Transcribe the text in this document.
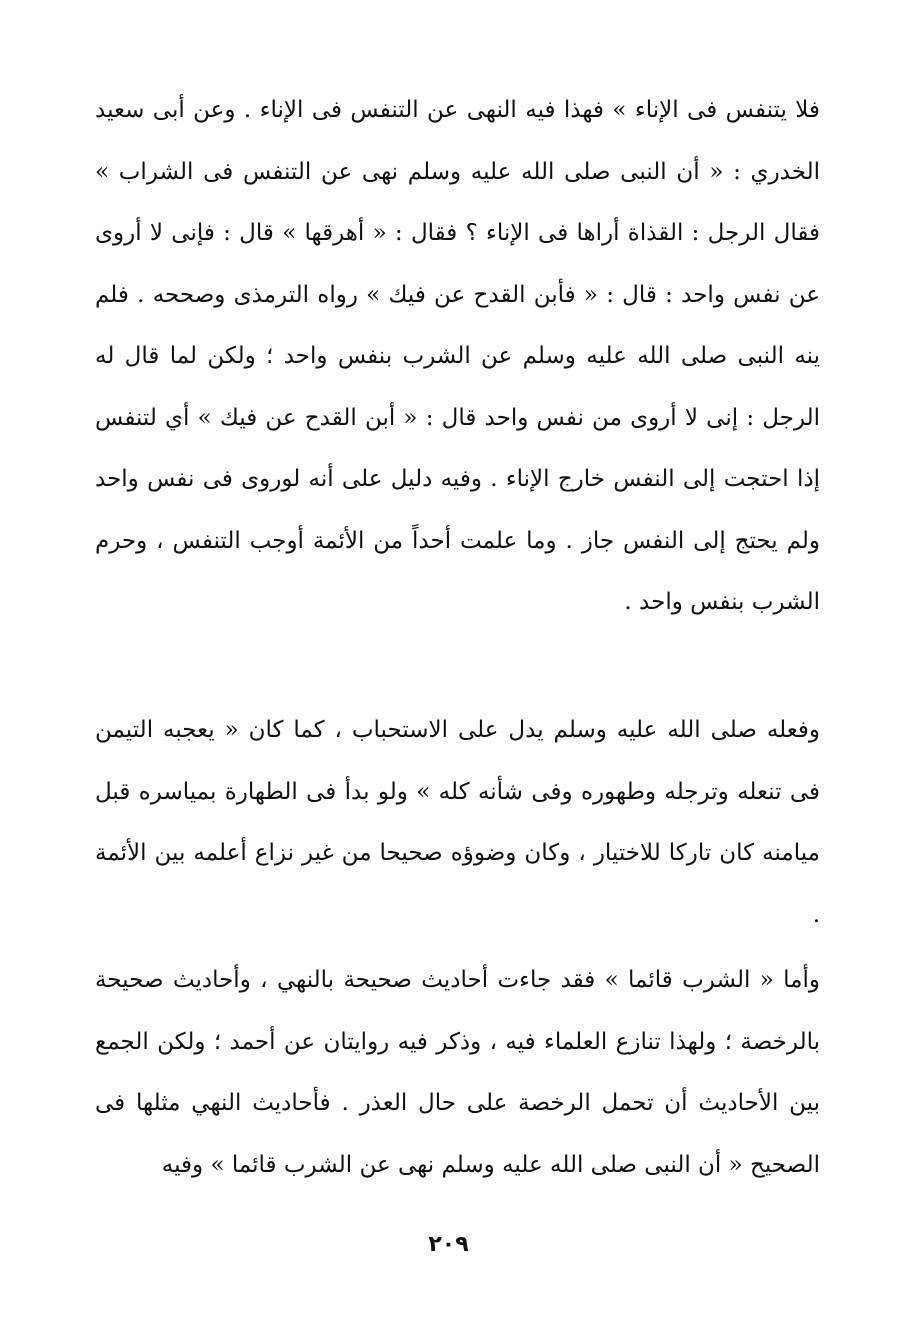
فلا يتنفس فى الإناء » فهذا فيه النهى عن التنفس فى الإناء . وعن أبى سعيد الخدري : « أن النبى صلى الله عليه وسلم نهى عن التنفس فى الشراب » فقال الرجل : القذاة أراها فى الإناء ؟ فقال : « أهرقها » قال : فإنى لا أروى عن نفس واحد : قال : « فأبن القدح عن فيك » رواه الترمذى وصححه . فلم ينه النبى صلى الله عليه وسلم عن الشرب بنفس واحد ؛ ولكن لما قال له الرجل : إنى لا أروى من نفس واحد قال : « أبن القدح عن فيك » أي لتنفس إذا احتجت إلى النفس خارج الإناء . وفيه دليل على أنه لوروى فى نفس واحد ولم يحتج إلى النفس جاز . وما علمت أحداً من الأئمة أوجب التنفس ، وحرم الشرب بنفس واحد .

وفعله صلى الله عليه وسلم يدل على الاستحباب ، كما كان « يعجبه التيمن فى تنعله وترجله وطهوره وفى شأنه كله » ولو بدأ فى الطهارة بمياسره قبل ميامنه كان تاركا للاختيار ، وكان وضوؤه صحيحا من غير نزاع أعلمه بين الأئمة .

وأما « الشرب قائما » فقد جاءت أحاديث صحيحة بالنهي ، وأحاديث صحيحة بالرخصة ؛ ولهذا تنازع العلماء فيه ، وذكر فيه روايتان عن أحمد ؛ ولكن الجمع بين الأحاديث أن تحمل الرخصة على حال العذر . فأحاديث النهي مثلها فى الصحيح « أن النبى صلى الله عليه وسلم نهى عن الشرب قائما » وفيه

٢٠٩
